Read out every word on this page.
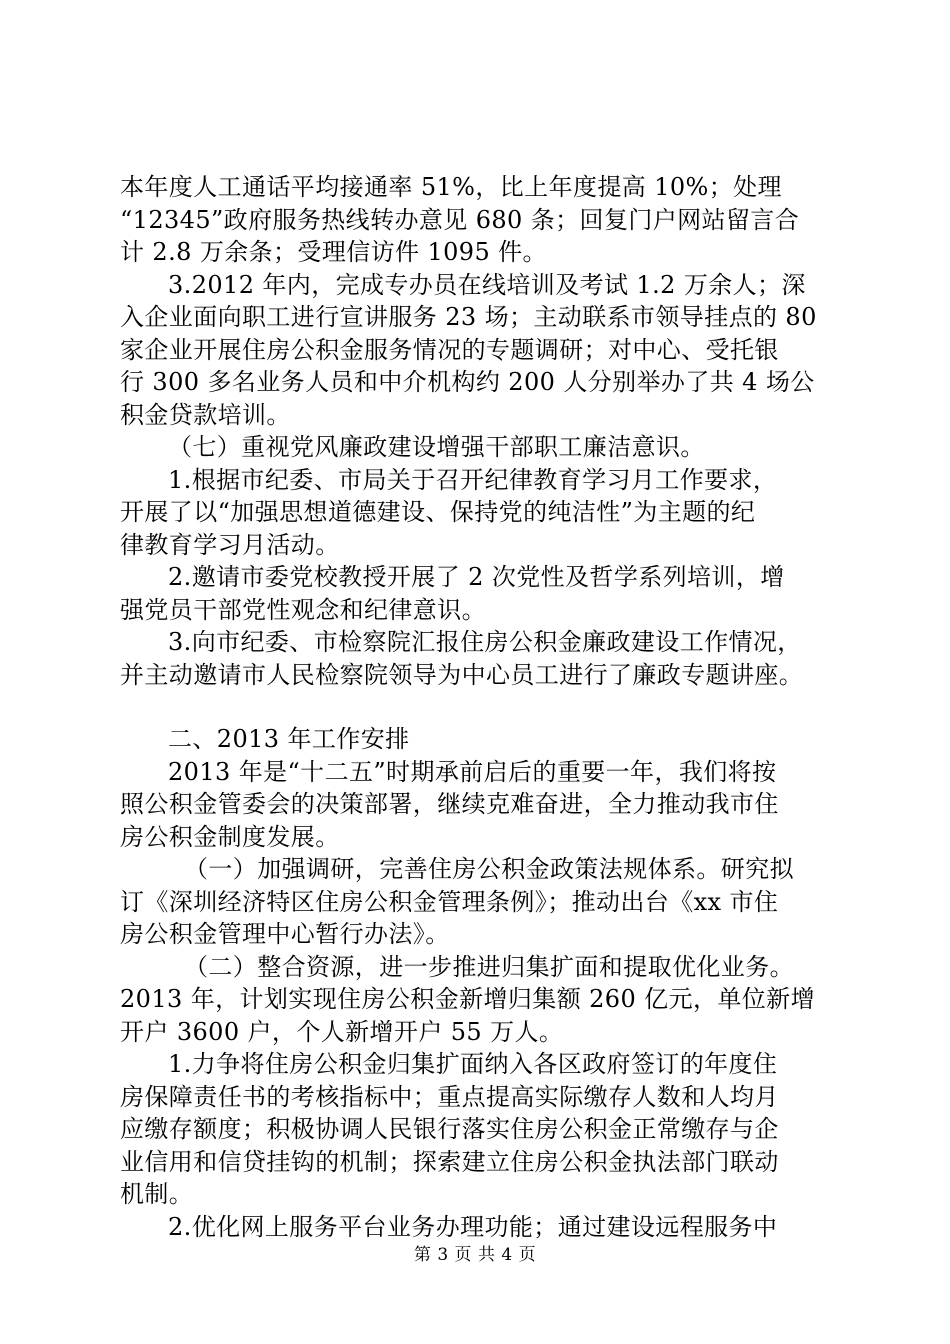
本年度人工通话平均接通率 51%，比上年度提高 10%；处理
“12345”政府服务热线转办意见 680 条；回复门户网站留言合
计 2.8 万余条；受理信访件 1095 件。

3.2012 年内，完成专办员在线培训及考试 1.2 万余人；深
入企业面向职工进行宣讲服务 23 场；主动联系市领导挂点的 80
家企业开展住房公积金服务情况的专题调研；对中心、受托银
行 300 多名业务人员和中介机构约 200 人分别举办了共 4 场公
积金贷款培训。

（七）重视党风廉政建设增强干部职工廉洁意识。

1.根据市纪委、市局关于召开纪律教育学习月工作要求，
开展了以“加强思想道德建设、保持党的纯洁性”为主题的纪
律教育学习月活动。

2.邀请市委党校教授开展了 2 次党性及哲学系列培训，增
强党员干部党性观念和纪律意识。

3.向市纪委、市检察院汇报住房公积金廉政建设工作情况，
并主动邀请市人民检察院领导为中心员工进行了廉政专题讲座。

二、2013 年工作安排

2013 年是“十二五”时期承前启后的重要一年，我们将按
照公积金管委会的决策部署，继续克难奋进，全力推动我市住
房公积金制度发展。

（一）加强调研，完善住房公积金政策法规体系。研究拟
订《深圳经济特区住房公积金管理条例》；推动出台《xx 市住
房公积金管理中心暂行办法》。

（二）整合资源，进一步推进归集扩面和提取优化业务。
2013 年，计划实现住房公积金新增归集额 260 亿元，单位新增
开户 3600 户，个人新增开户 55 万人。

1.力争将住房公积金归集扩面纳入各区政府签订的年度住
房保障责任书的考核指标中；重点提高实际缴存人数和人均月
应缴存额度；积极协调人民银行落实住房公积金正常缴存与企
业信用和信贷挂钩的机制；探索建立住房公积金执法部门联动
机制。

2.优化网上服务平台业务办理功能；通过建设远程服务中

第 3 页 共 4 页
